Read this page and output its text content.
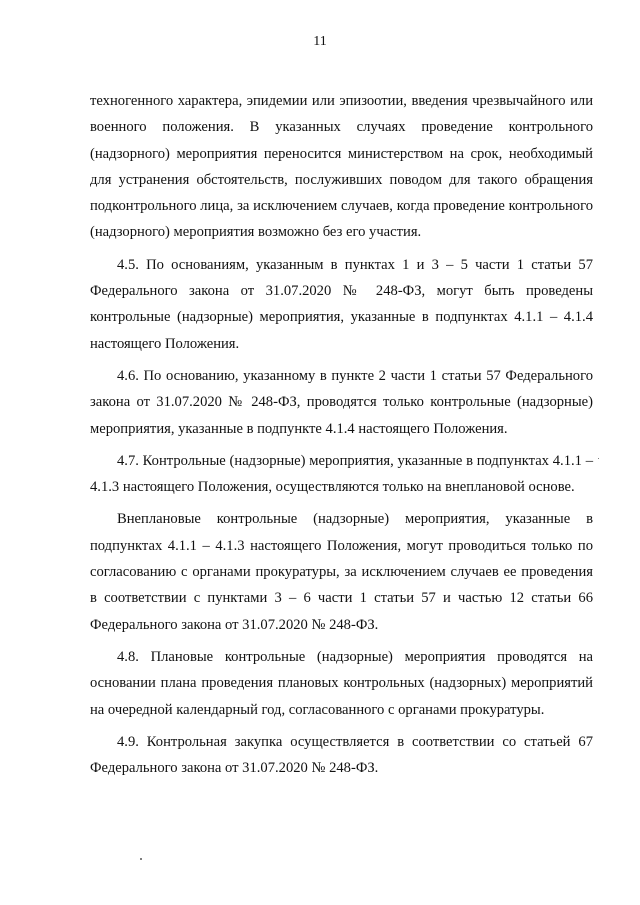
11

техногенного характера, эпидемии или эпизоотии, введения чрезвычайного или военного положения. В указанных случаях проведение контрольного (надзорного) мероприятия переносится министерством на срок, необходимый для устранения обстоятельств, послуживших поводом для такого обращения подконтрольного лица, за исключением случаев, когда проведение контрольного (надзорного) мероприятия возможно без его участия.

4.5. По основаниям, указанным в пунктах 1 и 3 – 5 части 1 статьи 57 Федерального закона от 31.07.2020 № 248-ФЗ, могут быть проведены контрольные (надзорные) мероприятия, указанные в подпунктах 4.1.1 – 4.1.4 настоящего Положения.

4.6. По основанию, указанному в пункте 2 части 1 статьи 57 Федерального закона от 31.07.2020 № 248-ФЗ, проводятся только контрольные (надзорные) мероприятия, указанные в подпункте 4.1.4 настоящего Положения.

4.7. Контрольные (надзорные) мероприятия, указанные в подпунктах 4.1.1 – 4.1.3 настоящего Положения, осуществляются только на внеплановой основе.

Внеплановые контрольные (надзорные) мероприятия, указанные в подпунктах 4.1.1 – 4.1.3 настоящего Положения, могут проводиться только по согласованию с органами прокуратуры, за исключением случаев ее проведения в соответствии с пунктами 3 – 6 части 1 статьи 57 и частью 12 статьи 66 Федерального закона от 31.07.2020 № 248-ФЗ.

4.8. Плановые контрольные (надзорные) мероприятия проводятся на основании плана проведения плановых контрольных (надзорных) мероприятий на очередной календарный год, согласованного с органами прокуратуры.

4.9. Контрольная закупка осуществляется в соответствии со статьей 67 Федерального закона от 31.07.2020 № 248-ФЗ.
